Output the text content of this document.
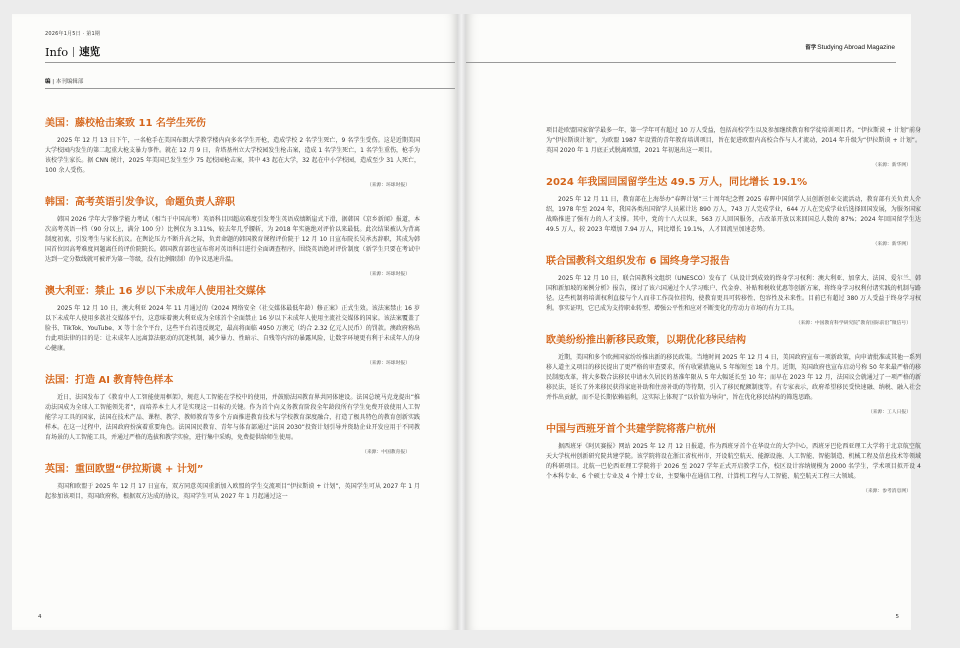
2026年1月5日 · 第1期
Info 速览
编 | 本刊编辑部
美国：藤校枪击案致 11 名学生死伤

2025 年 12 月 13 日下午，一名枪手在美国布朗大学教学楼内向多名学生开枪，造成学校 2 名学生死亡，9 名学生受伤。这是近期美国大学校园内发生的第二起重大枪支暴力事件。就在 12 月 9 日，肯塔基州立大学校园发生枪击案，造成 1 名学生死亡，1 名学生重伤，枪手为该校学生家长。据 CNN 统计，2025 年美国已发生至少 75 起校园枪击案，其中 43 起在大学，32 起在中小学校园，造成至少 31 人死亡，100 余人受伤。

（来源：环球时报）
韩国：高考英语引发争议，命题负责人辞职

韩国 2026 学年大学修学能力考试（相当于中国高考）英语科目因超高难度引发考生英语成绩断崖式下滑，据韩国《京乡新闻》报道，本次高考英语一档（90 分以上，满分 100 分）比例仅为 3.11%，较去年几乎腰斩，为 2018 年实施绝对评价以来最低。此次结果被认为背离制度初衷，引发考生与家长抗议。在舆论压力不断升高之际，负责命题的韩国教育课程评价院于 12 月 10 日宣布院长吴承杰辞职，其成为韩国首位因高考难度问题离任的评价院院长。韩国教育部也宣布将对英语科目进行全面调查程序，围绕英语绝对评价制度（新学生只要在考试中达到一定分数线就可被评为第一等级，没有比例限制）的争议迅速升温。

（来源：环球时报）
澳大利亚：禁止 16 岁以下未成年人使用社交媒体

2025 年 12 月 10 日，澳大利亚 2024 年 11 月通过的《2024 网络安全（社交媒体最低年龄）修正案》正式生效。该法案禁止 16 岁以下未成年人使用多款社交媒体平台，这意味着澳大利亚成为全球首个全面禁止 16 岁以下未成年人使用主流社交媒体的国家。该法案覆盖了脸书、TikTok、YouTube、X 等十余个平台，这些平台若违反规定，最高将面临 4950 万澳元（约合 2.32 亿元人民币）的罚款。澳政府称出台此项法律的目的是：让未成年人远离算法驱动的沉迷机制，减少暴力、性暗示、自残等内容的暴露风险，让数字环境更有利于未成年人的身心健康。

（来源：环球时报）
法国：打造 AI 教育特色样本

近日，法国发布了《教育中人工智能使用框架》，规范人工智能在学校中的使用，并鼓励法国教育界共同体建设。法国总统马克龙提出“推动法国成为全球人工智能领先者”，而培养本土人才是实现这一目标的关键。作为首个向义务教育阶段全年龄段所有学生免费开放使用人工智能学习工具的国家，法国在技术产品、课程、教学、教师教育等多个方面推进教育技术与学校教育深度融合，打造了极具特色的教育创新实践样本。在这一过程中，法国政府扮演着重要角色。法国国民教育、青年与体育部通过“法国 2030”投资计划引导并资助企业开发应用于不同教育场景的人工智能工具，并通过严格的选拔和教学实验，进行集中采购，免费提供给师生使用。

（来源：中国教育报）
英国：重回欧盟“伊拉斯谟 + 计划”

英国和欧盟于 2025 年 12 月 17 日宣布，双方同意英国重新加入欧盟的学生交流项目“伊拉斯谟 + 计划”，英国学生可从 2027 年 1 月起参加该项目，英国政府称，根据双方达成的协议，英国学生可从 2027 年 1 月起通过这一

4
留学Studying Abroad Magazine

项目赴欧盟国家留学最多一年，第一学年可有超过 10 万人受益，包括高校学生以及参加继续教育和学徒培训项目者。“伊拉斯谟 + 计划”前身为“伊拉斯谟计划”，为欧盟 1987 年设置的青年教育培训项目，旨在促进欧盟内高校合作与人才流动，2014 年升级为“伊拉斯谟 + 计划”。英国 2020 年 1 月底正式脱离欧盟，2021 年初退出这一项目。

（来源：新华网）
2024 年我国回国留学生达 49.5 万人，同比增长 19.1%

2025 年 12 月 11 日，教育部在上海举办“春晖计划”三十周年纪念暨 2025 春晖中国留学人员创新创业交流活动，教育部有关负责人介绍，1978 年至 2024 年，我国各类出国留学人员累计达 890 万人，743 万人完成学业，644 万人在完成学业后选择回国发展，为服务国家战略推进了强有力的人才支撑。其中，党的十八大以来，563 万人回国服务，占改革开放以来回国总人数的 87%；2024 年回国留学生达 49.5 万人，较 2023 年增加 7.94 万人，同比增长 19.1%，人才回流呈加速态势。

（来源：新华网）
联合国教科文组织发布 6 国终身学习报告

2025 年 12 月 10 日，联合国教科文组织（UNESCO）发布了《从设计到成效的终身学习权利：澳大利亚、加拿大、法国、爱尔兰、韩国和新加坡的案例分析》报告，探讨了该六国通过个人学习账户、代金券、补贴和税收优惠等创新方案，将终身学习权利付诸实践的机制与路径。这些机制将培训权利直接与个人而非工作岗位挂钩，使教育更具可转移性、包容性及未来性。目前已有超过 380 万人受益于终身学习权利。事实证明，它已成为支持职业转型、增强公平性和应对不断变化的劳动力市场的有力工具。

（来源：中国教育科学研究院“教育国际前沿”微信号）
欧美纷纷推出新移民政策，以期优化移民结构

近期，美国和多个欧洲国家纷纷推出新的移民政策。当地时间 2025 年 12 月 4 日，美国政府宣布一项新政策，向申请批准或其他一系列移人道主义项目的移民提出了更严格的审查要求，所有收紧措施从 5 年缩短至 18 个月。近期，英国政府也宣布启动号称 50 年来最严格的移民制度改革，将大多数合法移民申请永久居民的基准年限从 5 年大幅延长至 10 年；而早在 2023 年 12 月，法国议会就通过了一项严格的新移民法，延长了外来移民获得家庭补助和住房补助的等待期，引入了移民配额制度等。有专家表示，政府希望移民受快速融、纳税、融入社会并作出贡献，而不是长期依赖福利，这实际上体现了“以价值为导向”，旨在优化移民结构的筛选思路。

（来源：工人日报）
中国与西班牙首个共建学院将落户杭州

据西班牙《阿贝赛报》网站 2025 年 12 月 12 日报道，作为西班牙首个在华设立的大学中心，西班牙巴伦西亚理工大学将于北京航空航天大学杭州创新研究院共建学院。该学院将设在浙江省杭州市，开设航空航天、能源设施、人工智能、智能制造、机械工程及信息技术等领域的科研项目。北航一巴伦西亚理工学院将于 2026 至 2027 学年正式开启教学工作，校区设计容纳规模为 2000 名学生，学术项目拟开设 4 个本科专业、6 个硕士专业及 4 个博士专业，主要集中在通信工程、计算机工程与人工智能、航空航天工程三大领域。

（来源：参考消息网）
5
